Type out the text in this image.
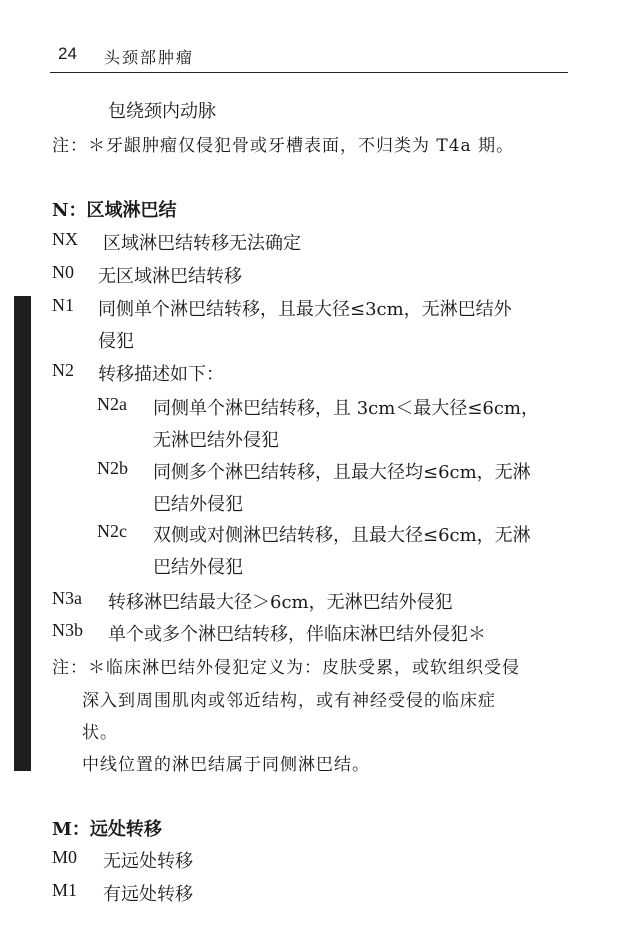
24 头颈部肿瘤
包绕颈内动脉
注：＊牙龈肿瘤仅侵犯骨或牙槽表面，不归类为 T4a 期。
N：区域淋巴结
NX 区域淋巴结转移无法确定
N0 无区域淋巴结转移
N1 同侧单个淋巴结转移，且最大径≤3cm，无淋巴结外
侵犯
N2 转移描述如下：
N2a 同侧单个淋巴结转移，且 3cm＜最大径≤6cm，
无淋巴结外侵犯
N2b 同侧多个淋巴结转移，且最大径均≤6cm，无淋
巴结外侵犯
N2c 双侧或对侧淋巴结转移，且最大径≤6cm，无淋
巴结外侵犯
N3a 转移淋巴结最大径＞6cm，无淋巴结外侵犯
N3b 单个或多个淋巴结转移，伴临床淋巴结外侵犯＊
注：＊临床淋巴结外侵犯定义为：皮肤受累，或软组织受侵
深入到周围肌肉或邻近结构，或有神经受侵的临床症
状。
中线位置的淋巴结属于同侧淋巴结。
M：远处转移
M0 无远处转移
M1 有远处转移
